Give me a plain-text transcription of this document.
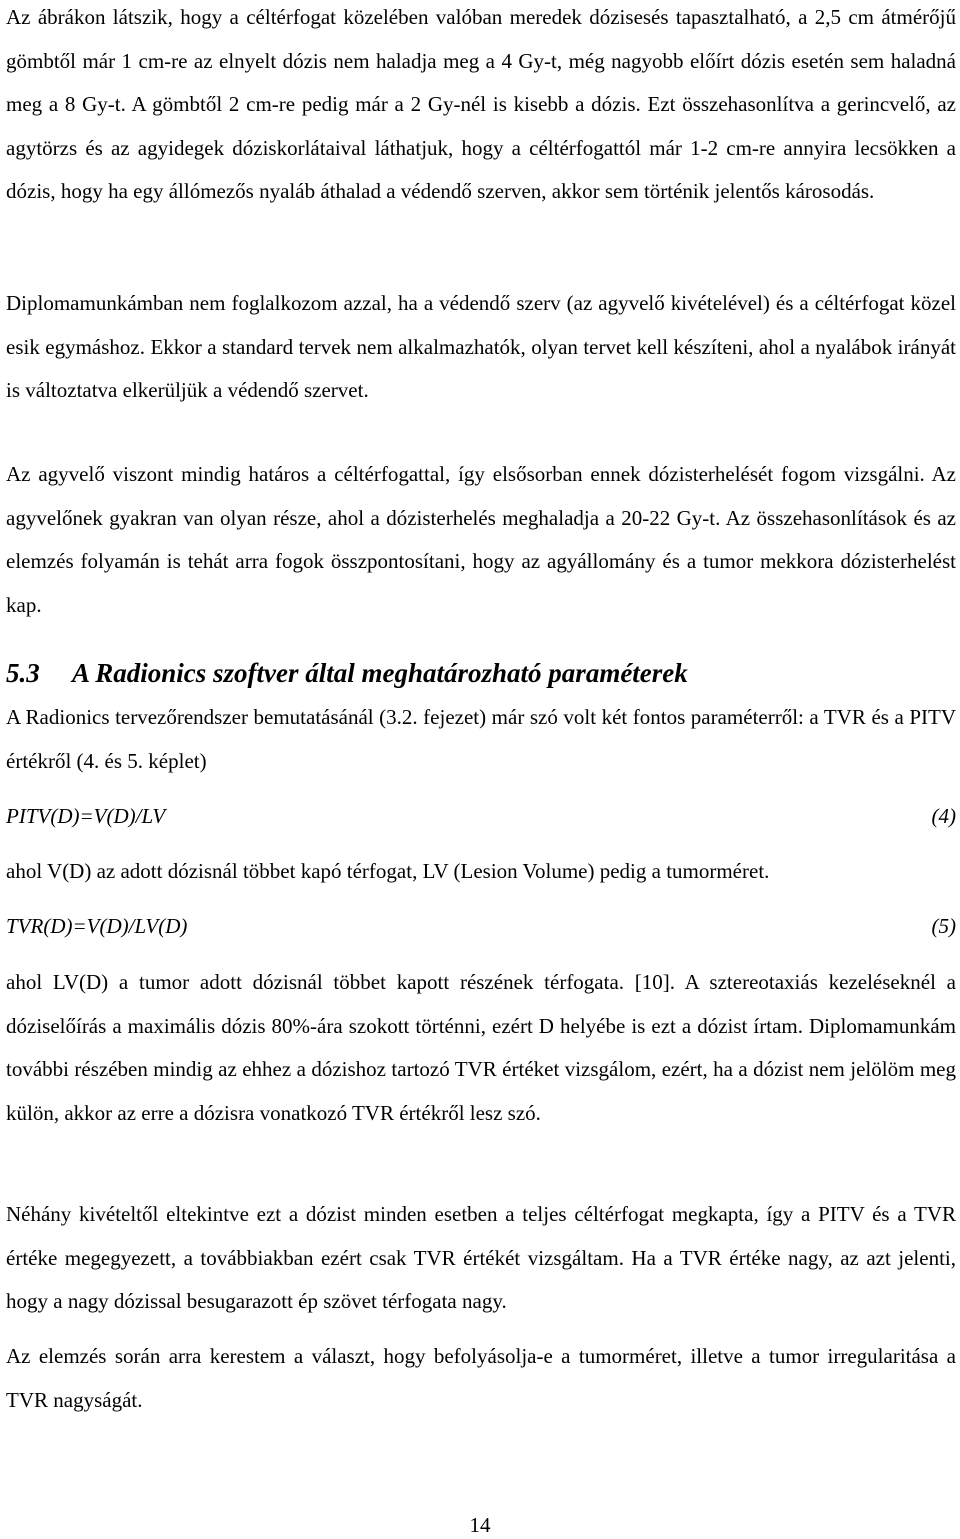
Az ábrákon látszik, hogy a céltérfogat közelében valóban meredek dózisesés tapasztalható, a 2,5 cm átmérőjű gömbtől már 1 cm-re az elnyelt dózis nem haladja meg a 4 Gy-t, még nagyobb előírt dózis esetén sem haladná meg a 8 Gy-t. A gömbtől 2 cm-re pedig már a 2 Gy-nél is kisebb a dózis. Ezt összehasonlítva a gerincvelő, az agytörzs és az agyidegek dóziskorlátaival láthatjuk, hogy a céltérfogattól már 1-2 cm-re annyira lecsökken a dózis, hogy ha egy állómezős nyaláb áthalad a védendő szerven, akkor sem történik jelentős károsodás.

Diplomamunkámban nem foglalkozom azzal, ha a védendő szerv (az agyvelő kivételével) és a céltérfogat közel esik egymáshoz. Ekkor a standard tervek nem alkalmazhatók, olyan tervet kell készíteni, ahol a nyalábok irányát is változtatva elkerüljük a védendő szervet.

Az agyvelő viszont mindig határos a céltérfogattal, így elsősorban ennek dózisterhelését fogom vizsgálni. Az agyvelőnek gyakran van olyan része, ahol a dózisterhelés meghaladja a 20-22 Gy-t. Az összehasonlítások és az elemzés folyamán is tehát arra fogok összpontosítani, hogy az agyállomány és a tumor mekkora dózisterhelést kap.

5.3 A Radionics szoftver által meghatározható paraméterek

A Radionics tervezőrendszer bemutatásánál (3.2. fejezet) már szó volt két fontos paraméterről: a TVR és a PITV értékről (4. és 5. képlet)

PITV(D)=V(D)/LV	(4)

ahol V(D) az adott dózisnál többet kapó térfogat, LV (Lesion Volume) pedig a tumorméret.

TVR(D)=V(D)/LV(D)	(5)

ahol LV(D) a tumor adott dózisnál többet kapott részének térfogata. [10]. A sztereotaxiás kezeléseknél a dóziselőírás a maximális dózis 80%-ára szokott történni, ezért D helyébe is ezt a dózist írtam. Diplomamunkám további részében mindig az ehhez a dózishoz tartozó TVR értéket vizsgálom, ezért, ha a dózist nem jelölöm meg külön, akkor az erre a dózisra vonatkozó TVR értékről lesz szó.

Néhány kivételtől eltekintve ezt a dózist minden esetben a teljes céltérfogat megkapta, így a PITV és a TVR értéke megegyezett, a továbbiakban ezért csak TVR értékét vizsgáltam. Ha a TVR értéke nagy, az azt jelenti, hogy a nagy dózissal besugarazott ép szövet térfogata nagy.

Az elemzés során arra kerestem a választ, hogy befolyásolja-e a tumorméret, illetve a tumor irregularitása a TVR nagyságát.

14
